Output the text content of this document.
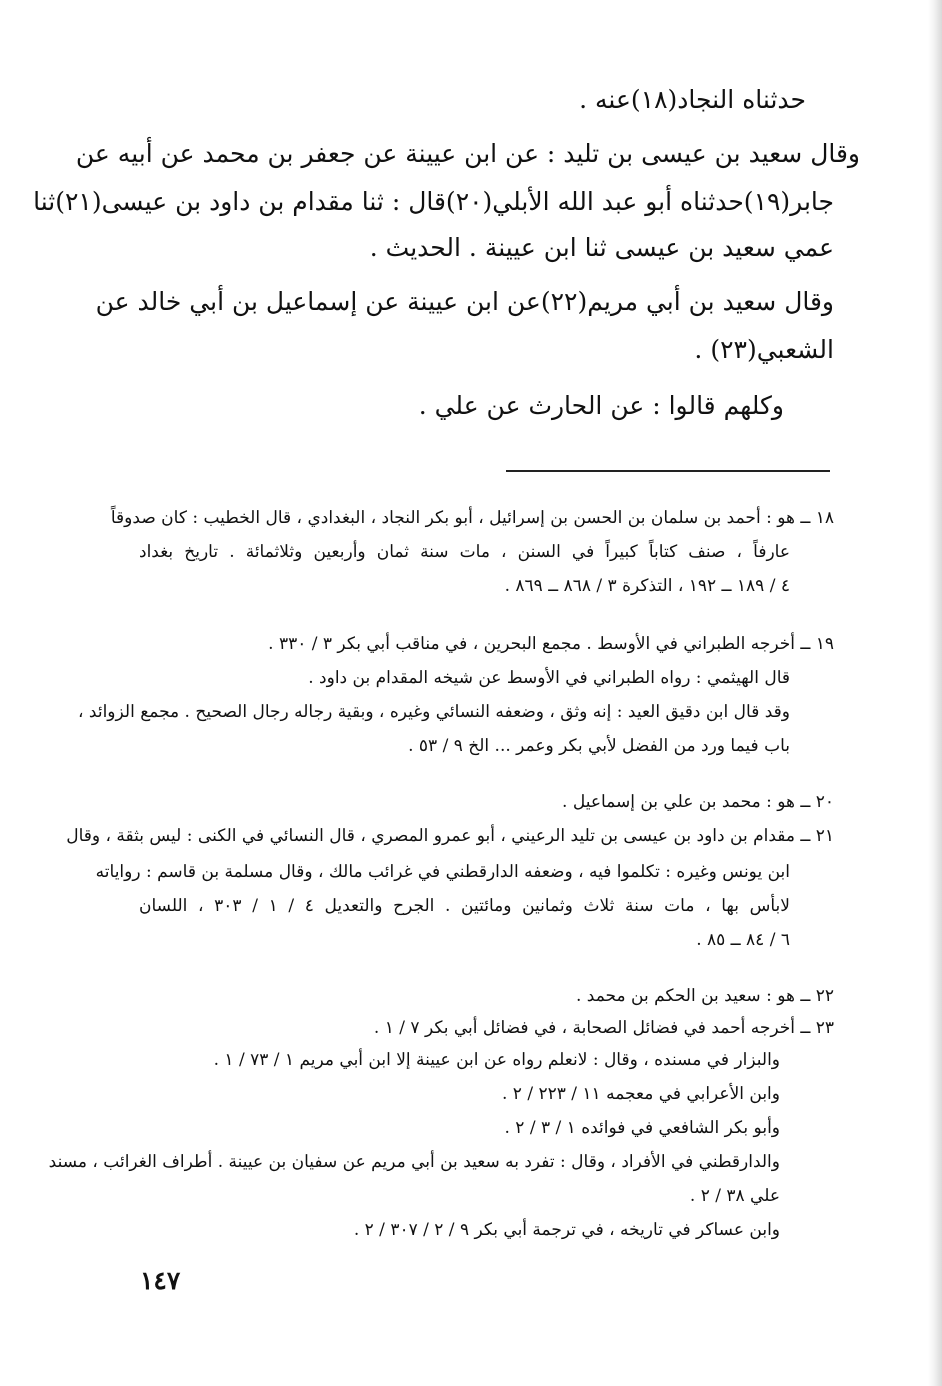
حدثناه النجاد(١٨)عنه .
وقال سعيد بن عيسى بن تليد : عن ابن عيينة عن جعفر بن محمد عن أبيه عن
جابر(١٩)حدثناه أبو عبد الله الأبلي(٢٠)قال : ثنا مقدام بن داود بن عيسى(٢١)ثنا
عمي سعيد بن عيسى ثنا ابن عيينة . الحديث .
وقال سعيد بن أبي مريم(٢٢)عن ابن عيينة عن إسماعيل بن أبي خالد عن
الشعبي(٢٣) .
وكلهم قالوا : عن الحارث عن علي .
١٨ ــ هو : أحمد بن سلمان بن الحسن بن إسرائيل ، أبو بكر النجاد ، البغدادي ، قال الخطيب : كان صدوقاً
عارفاً ، صنف كتاباً كبيراً في السنن ، مات سنة ثمان وأربعين وثلاثمائة . تاريخ بغداد
٤ / ١٨٩ ــ ١٩٢ ، التذكرة ٣ / ٨٦٨ ــ ٨٦٩ .
١٩ ــ أخرجه الطبراني في الأوسط . مجمع البحرين ، في مناقب أبي بكر ٣ / ٣٣٠ .
قال الهيثمي : رواه الطبراني في الأوسط عن شيخه المقدام بن داود .
وقد قال ابن دقيق العيد : إنه وثق ، وضعفه النسائي وغيره ، وبقية رجاله رجال الصحيح . مجمع الزوائد ،
باب فيما ورد من الفضل لأبي بكر وعمر ... الخ ٩ / ٥٣ .
٢٠ ــ هو : محمد بن علي بن إسماعيل .
٢١ ــ مقدام بن داود بن عيسى بن تليد الرعيني ، أبو عمرو المصري ، قال النسائي في الكنى : ليس بثقة ، وقال
ابن يونس وغيره : تكلموا فيه ، وضعفه الدارقطني في غرائب مالك ، وقال مسلمة بن قاسم : رواياته
لابأس بها ، مات سنة ثلاث وثمانين ومائتين . الجرح والتعديل ٤ / ١ / ٣٠٣ ، اللسان
٦ / ٨٤ ــ ٨٥ .
٢٢ ــ هو : سعيد بن الحكم بن محمد .
٢٣ ــ أخرجه أحمد في فضائل الصحابة ، في فضائل أبي بكر ٧ / ١ .
والبزار في مسنده ، وقال : لانعلم رواه عن ابن عيينة إلا ابن أبي مريم ١ / ٧٣ / ١ .
وابن الأعرابي في معجمه ١١ / ٢٢٣ / ٢ .
وأبو بكر الشافعي في فوائده ١ / ٣ / ٢ .
والدارقطني في الأفراد ، وقال : تفرد به سعيد بن أبي مريم عن سفيان بن عيينة . أطراف الغرائب ، مسند
علي ٣٨ / ٢ .
وابن عساكر في تاريخه ، في ترجمة أبي بكر ٩ / ٢ / ٣٠٧ / ٢ .
١٤٧
